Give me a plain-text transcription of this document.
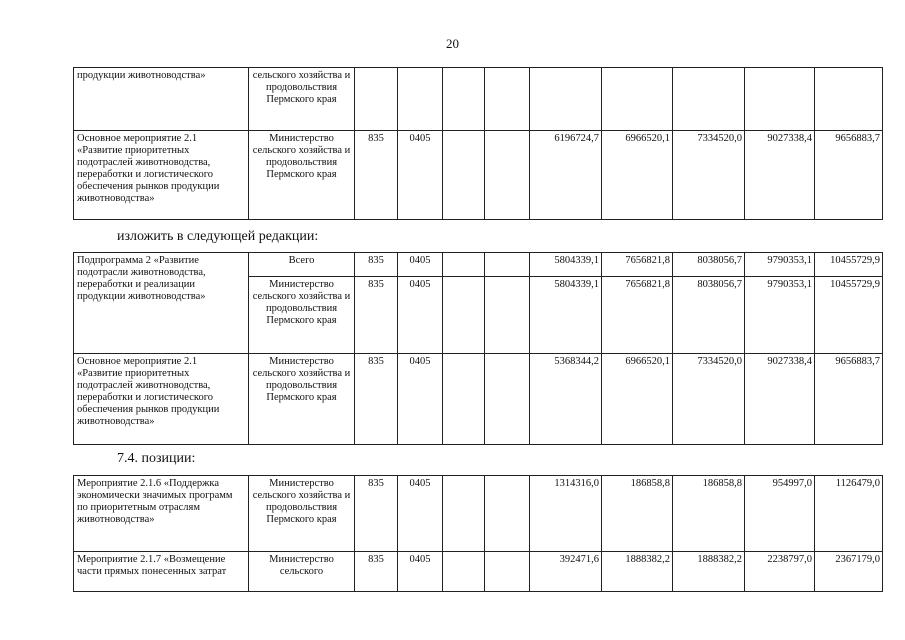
20
продукции животноводства»	сельского хозяйства и продовольствия Пермского края									
Основное мероприятие 2.1 «Развитие приоритетных подотраслей животноводства, переработки и логистического обеспечения рынков продукции животноводства»	Министерство сельского хозяйства и продовольствия Пермского края	835	0405			6196724,7	6966520,1	7334520,0	9027338,4	9656883,7
изложить в следующей редакции:
Подпрограмма 2 «Развитие подотрасли животноводства, переработки и реализации продукции животноводства»	Всего	835	0405			5804339,1	7656821,8	8038056,7	9790353,1	10455729,9
	Министерство сельского хозяйства и продовольствия Пермского края	835	0405			5804339,1	7656821,8	8038056,7	9790353,1	10455729,9
Основное мероприятие 2.1 «Развитие приоритетных подотраслей животноводства, переработки и логистического обеспечения рынков продукции животноводства»	Министерство сельского хозяйства и продовольствия Пермского края	835	0405			5368344,2	6966520,1	7334520,0	9027338,4	9656883,7
7.4. позиции:
Мероприятие 2.1.6 «Поддержка экономически значимых программ по приоритетным отраслям животноводства»	Министерство сельского хозяйства и продовольствия Пермского края	835	0405			1314316,0	186858,8	186858,8	954997,0	1126479,0
Мероприятие 2.1.7 «Возмещение части прямых понесенных затрат	Министерство сельского	835	0405			392471,6	1888382,2	1888382,2	2238797,0	2367179,0
